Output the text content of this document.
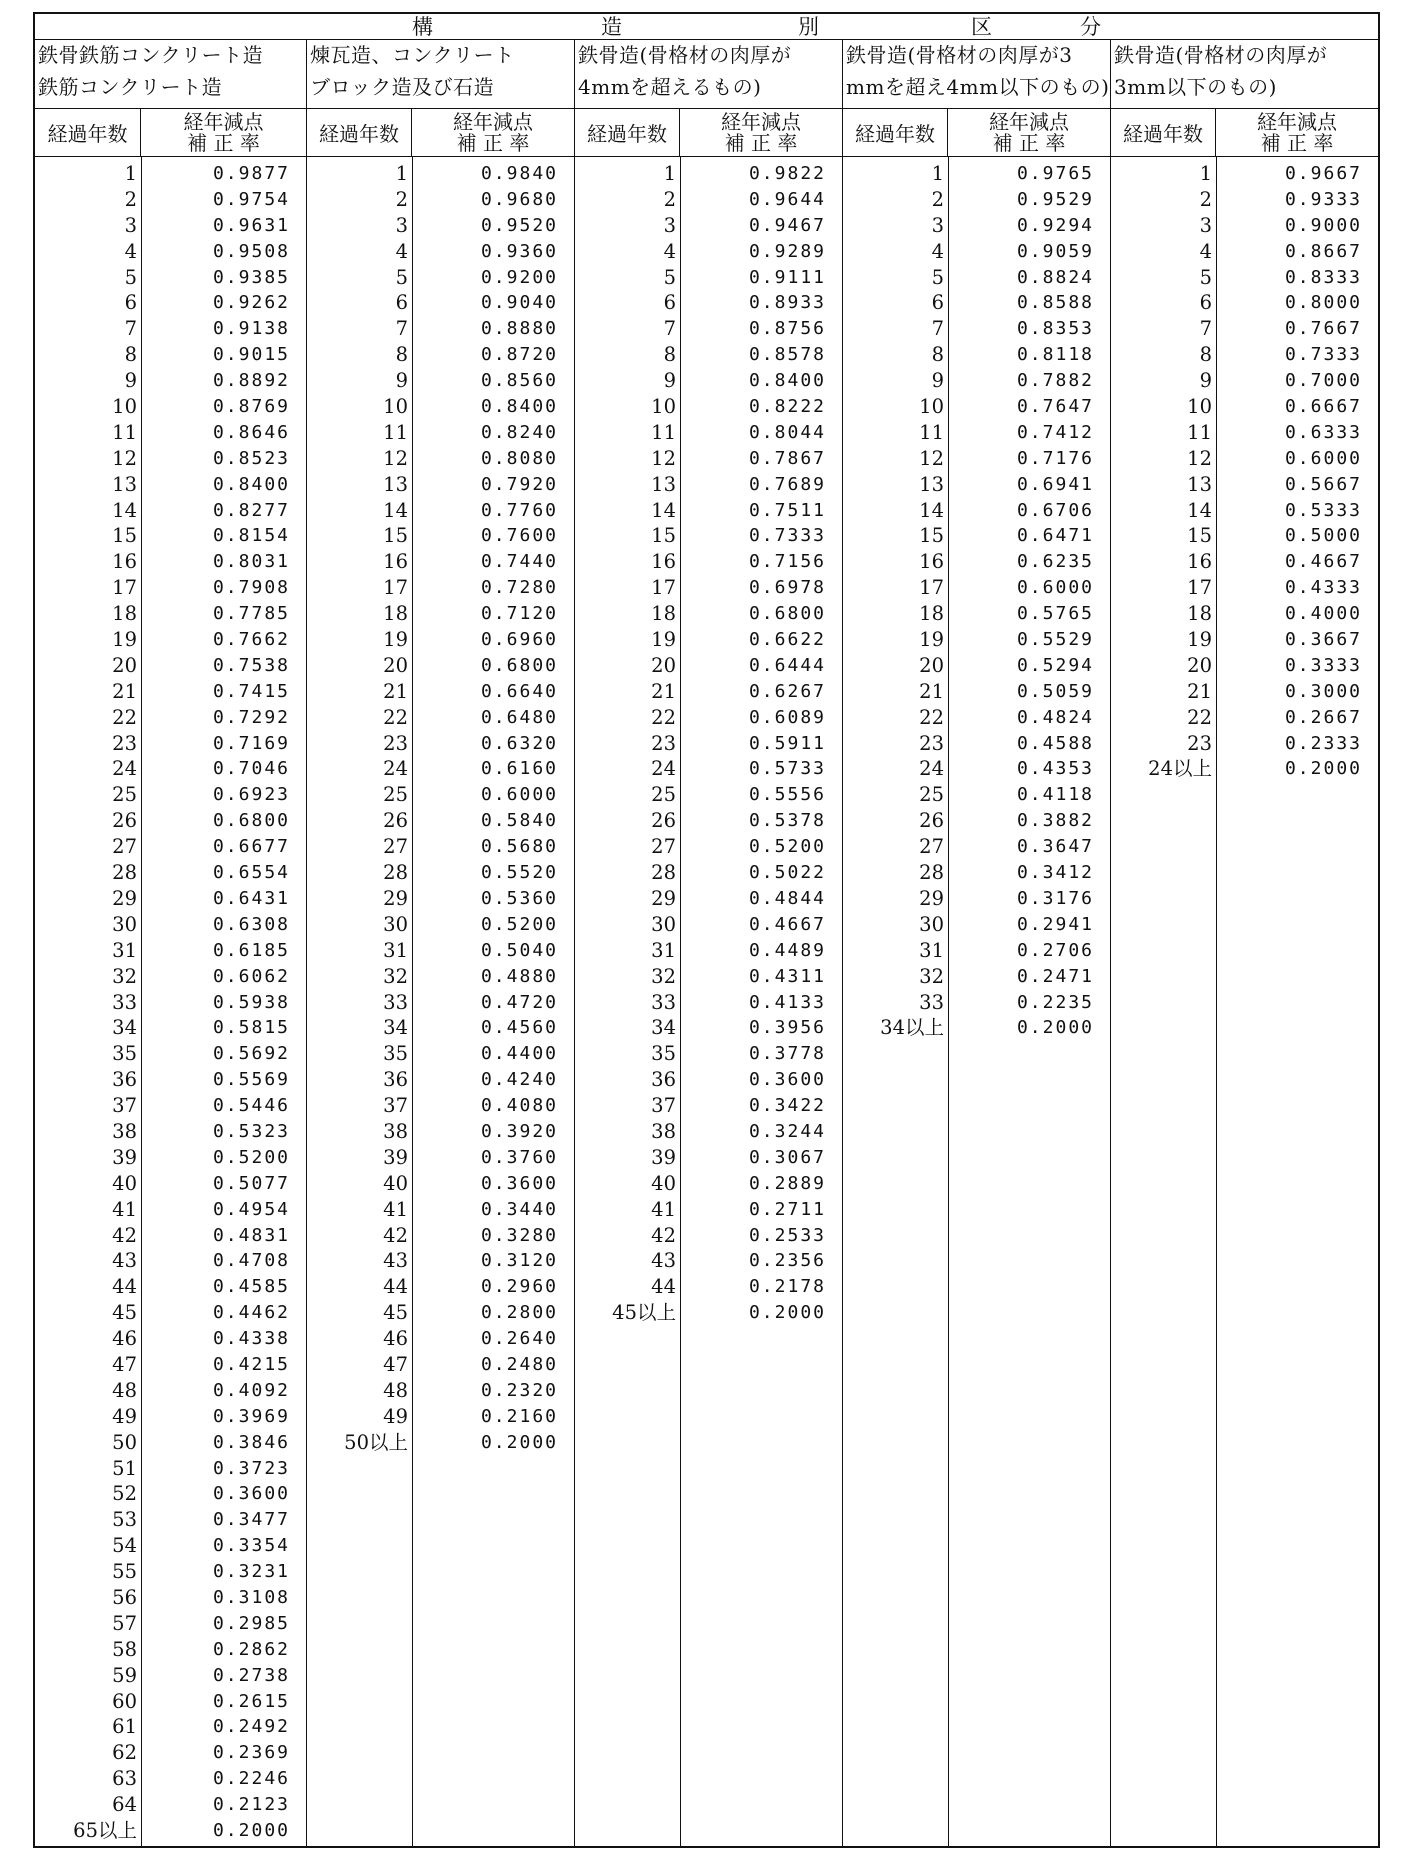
構	造	別	区	分
鉄骨鉄筋コンクリート造
鉄筋コンクリート造
経過年数
経年減点
補 正 率
1	0.9877
2	0.9754
3	0.9631
4	0.9508
5	0.9385
6	0.9262
7	0.9138
8	0.9015
9	0.8892
10	0.8769
11	0.8646
12	0.8523
13	0.8400
14	0.8277
15	0.8154
16	0.8031
17	0.7908
18	0.7785
19	0.7662
20	0.7538
21	0.7415
22	0.7292
23	0.7169
24	0.7046
25	0.6923
26	0.6800
27	0.6677
28	0.6554
29	0.6431
30	0.6308
31	0.6185
32	0.6062
33	0.5938
34	0.5815
35	0.5692
36	0.5569
37	0.5446
38	0.5323
39	0.5200
40	0.5077
41	0.4954
42	0.4831
43	0.4708
44	0.4585
45	0.4462
46	0.4338
47	0.4215
48	0.4092
49	0.3969
50	0.3846
51	0.3723
52	0.3600
53	0.3477
54	0.3354
55	0.3231
56	0.3108
57	0.2985
58	0.2862
59	0.2738
60	0.2615
61	0.2492
62	0.2369
63	0.2246
64	0.2123
65以上	0.2000
煉瓦造、コンクリート
ブロック造及び石造
経過年数
経年減点
補 正 率
1	0.9840
2	0.9680
3	0.9520
4	0.9360
5	0.9200
6	0.9040
7	0.8880
8	0.8720
9	0.8560
10	0.8400
11	0.8240
12	0.8080
13	0.7920
14	0.7760
15	0.7600
16	0.7440
17	0.7280
18	0.7120
19	0.6960
20	0.6800
21	0.6640
22	0.6480
23	0.6320
24	0.6160
25	0.6000
26	0.5840
27	0.5680
28	0.5520
29	0.5360
30	0.5200
31	0.5040
32	0.4880
33	0.4720
34	0.4560
35	0.4400
36	0.4240
37	0.4080
38	0.3920
39	0.3760
40	0.3600
41	0.3440
42	0.3280
43	0.3120
44	0.2960
45	0.2800
46	0.2640
47	0.2480
48	0.2320
49	0.2160
50以上	0.2000
鉄骨造(骨格材の肉厚が
4mmを超えるもの)
経過年数
経年減点
補 正 率
1	0.9822
2	0.9644
3	0.9467
4	0.9289
5	0.9111
6	0.8933
7	0.8756
8	0.8578
9	0.8400
10	0.8222
11	0.8044
12	0.7867
13	0.7689
14	0.7511
15	0.7333
16	0.7156
17	0.6978
18	0.6800
19	0.6622
20	0.6444
21	0.6267
22	0.6089
23	0.5911
24	0.5733
25	0.5556
26	0.5378
27	0.5200
28	0.5022
29	0.4844
30	0.4667
31	0.4489
32	0.4311
33	0.4133
34	0.3956
35	0.3778
36	0.3600
37	0.3422
38	0.3244
39	0.3067
40	0.2889
41	0.2711
42	0.2533
43	0.2356
44	0.2178
45以上	0.2000
鉄骨造(骨格材の肉厚が3
mmを超え4mm以下のもの)
経過年数
経年減点
補 正 率
1	0.9765
2	0.9529
3	0.9294
4	0.9059
5	0.8824
6	0.8588
7	0.8353
8	0.8118
9	0.7882
10	0.7647
11	0.7412
12	0.7176
13	0.6941
14	0.6706
15	0.6471
16	0.6235
17	0.6000
18	0.5765
19	0.5529
20	0.5294
21	0.5059
22	0.4824
23	0.4588
24	0.4353
25	0.4118
26	0.3882
27	0.3647
28	0.3412
29	0.3176
30	0.2941
31	0.2706
32	0.2471
33	0.2235
34以上	0.2000
鉄骨造(骨格材の肉厚が
3mm以下のもの)
経過年数
経年減点
補 正 率
1	0.9667
2	0.9333
3	0.9000
4	0.8667
5	0.8333
6	0.8000
7	0.7667
8	0.7333
9	0.7000
10	0.6667
11	0.6333
12	0.6000
13	0.5667
14	0.5333
15	0.5000
16	0.4667
17	0.4333
18	0.4000
19	0.3667
20	0.3333
21	0.3000
22	0.2667
23	0.2333
24以上	0.2000
